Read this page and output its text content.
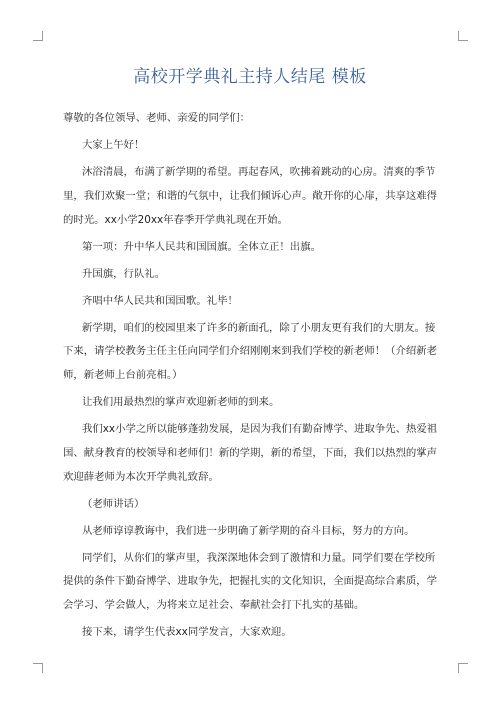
高校开学典礼主持人结尾 模板

尊敬的各位领导、老师、亲爱的同学们：

大家上午好！

沐浴清晨，布满了新学期的希望。再起春风，吹拂着跳动的心房。清爽的季节里，我们欢聚一堂；和谐的气氛中，让我们倾诉心声。敞开你的心扉，共享这难得的时光。xx小学20xx年春季开学典礼现在开始。

第一项：升中华人民共和国国旗。全体立正！出旗。

升国旗，行队礼。

齐唱中华人民共和国国歌。礼毕！

新学期，咱们的校园里来了许多的新面孔，除了小朋友更有我们的大朋友。接下来，请学校教务主任主任向同学们介绍刚刚来到我们学校的新老师！（介绍新老师，新老师上台前亮相。）

让我们用最热烈的掌声欢迎新老师的到来。

我们xx小学之所以能够蓬勃发展，是因为我们有勤奋博学、进取争先、热爱祖国、献身教育的校领导和老师们！新的学期，新的希望，下面，我们以热烈的掌声欢迎薛老师为本次开学典礼致辞。

（老师讲话）

从老师谆谆教诲中，我们进一步明确了新学期的奋斗目标，努力的方向。

同学们，从你们的掌声里，我深深地体会到了激情和力量。同学们要在学校所提供的条件下勤奋博学、进取争先，把握扎实的文化知识，全面提高综合素质，学会学习、学会做人，为将来立足社会、奉献社会打下扎实的基础。

接下来，请学生代表xx同学发言，大家欢迎。
